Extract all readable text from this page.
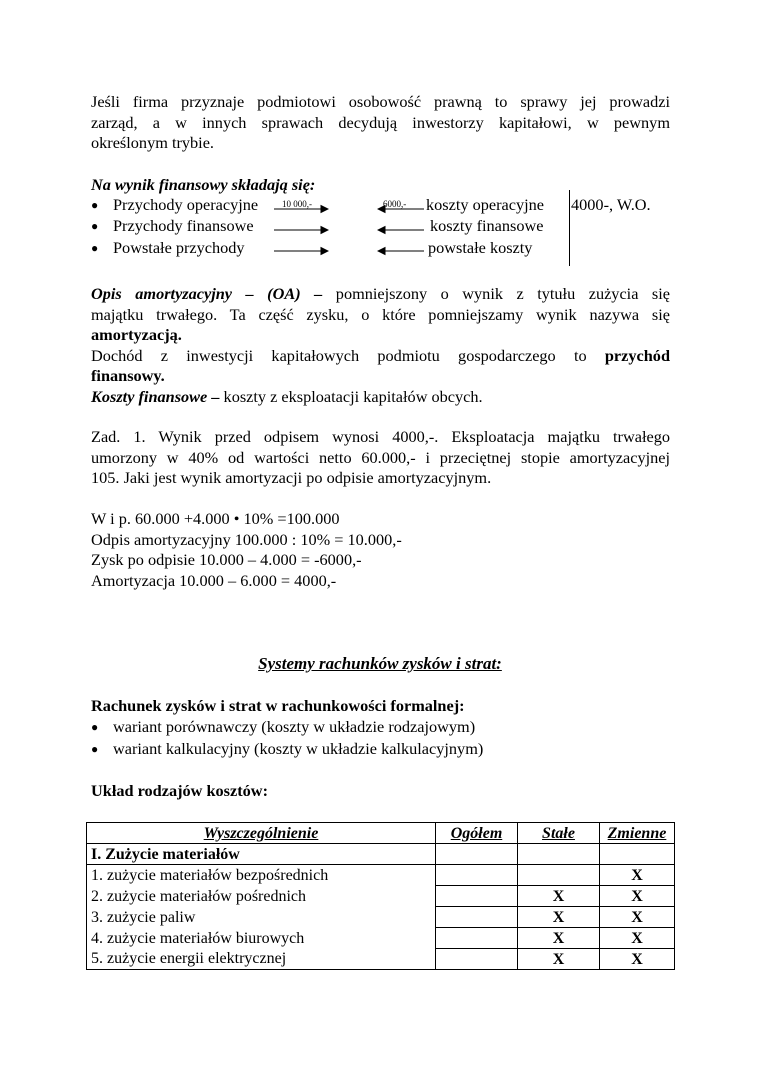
Jeśli firma przyznaje podmiotowi osobowość prawną to sprawy jej prowadzi
zarząd, a w innych sprawach decydują inwestorzy kapitałowi, w pewnym
określonym trybie.
Na wynik finansowy składają się:
●
●
●
Przychody operacyjne
Przychody finansowe
Powstałe przychody
10 000,-	6000,- koszty operacyjne
koszty finansowe
powstałe koszty
4000-, W.O.
Opis amortyzacyjny – (OA) – pomniejszony o wynik z tytułu zużycia się
majątku trwałego. Ta część zysku, o które pomniejszamy wynik nazywa się
amortyzacją.
Dochód z inwestycji kapitałowych podmiotu gospodarczego to przychód
finansowy.
Koszty finansowe – koszty z eksploatacji kapitałów obcych.
Zad. 1. Wynik przed odpisem wynosi 4000,-. Eksploatacja majątku trwałego
umorzony w 40% od wartości netto 60.000,- i przeciętnej stopie amortyzacyjnej
105. Jaki jest wynik amortyzacji po odpisie amortyzacyjnym.
W i p. 60.000 +4.000 • 10% =100.000
Odpis amortyzacyjny 100.000 : 10% = 10.000,-
Zysk po odpisie 10.000 – 4.000 = -6000,-
Amortyzacja 10.000 – 6.000 = 4000,-
Systemy rachunków zysków i strat:
Rachunek zysków i strat w rachunkowości formalnej:
●
●
wariant porównawczy (koszty w układzie rodzajowym)
wariant kalkulacyjny (koszty w układzie kalkulacyjnym)
Układ rodzajów kosztów:
Wyszczególnienie	Ogółem	Stałe	Zmienne
I. Zużycie materiałów			
1. zużycie materiałów bezpośrednich			X
2. zużycie materiałów pośrednich		X	X
3. zużycie paliw		X	X
4. zużycie materiałów biurowych		X	X
5. zużycie energii elektrycznej		X	X
